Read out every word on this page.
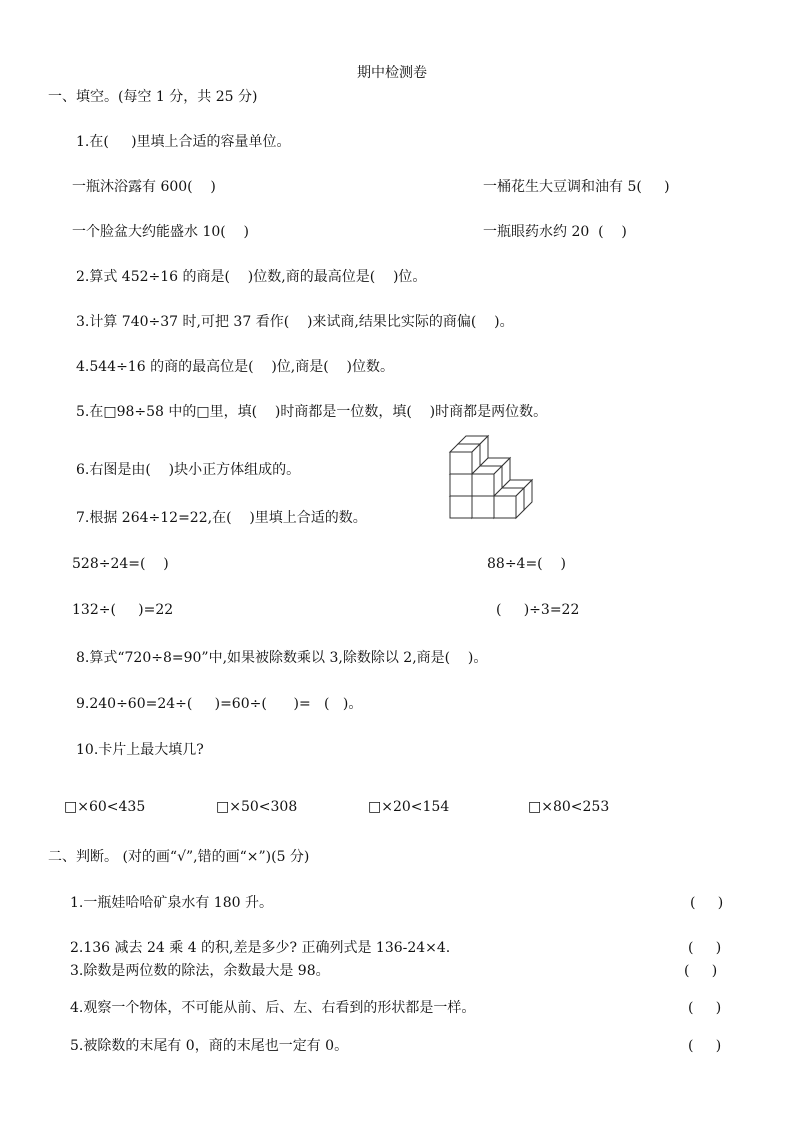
期中检测卷
一、填空。(每空 1 分，共 25 分)
1.在(     )里填上合适的容量单位。
一瓶沐浴露有 600(    )	一桶花生大豆调和油有 5(     )
一个脸盆大约能盛水 10(    )	一瓶眼药水约 20  (    )
2.算式 452÷16 的商是(    )位数,商的最高位是(    )位。
3.计算 740÷37 时,可把 37 看作(    )来试商,结果比实际的商偏(    )。
4.544÷16 的商的最高位是(    )位,商是(    )位数。
5.在□98÷58 中的□里，填(    )时商都是一位数，填(    )时商都是两位数。
6.右图是由(    )块小正方体组成的。
7.根据 264÷12=22,在(    )里填上合适的数。
528÷24=(    )	88÷4=(    )
132÷(     )=22	(     )÷3=22
8.算式“720÷8=90”中,如果被除数乘以 3,除数除以 2,商是(    )。
9.240÷60=24÷(     )=60÷(      )=   (   )。
10.卡片上最大填几?
□×60<435	□×50<308	□×20<154	□×80<253
二、判断。 (对的画“√”,错的画“×”)(5 分)
1.一瓶娃哈哈矿泉水有 180 升。	(     )
2.136 减去 24 乘 4 的积,差是多少? 正确列式是 136-24×4.	(     )
3.除数是两位数的除法，余数最大是 98。	(     )
4.观察一个物体，不可能从前、后、左、右看到的形状都是一样。	(     )
5.被除数的末尾有 0，商的末尾也一定有 0。	(     )
